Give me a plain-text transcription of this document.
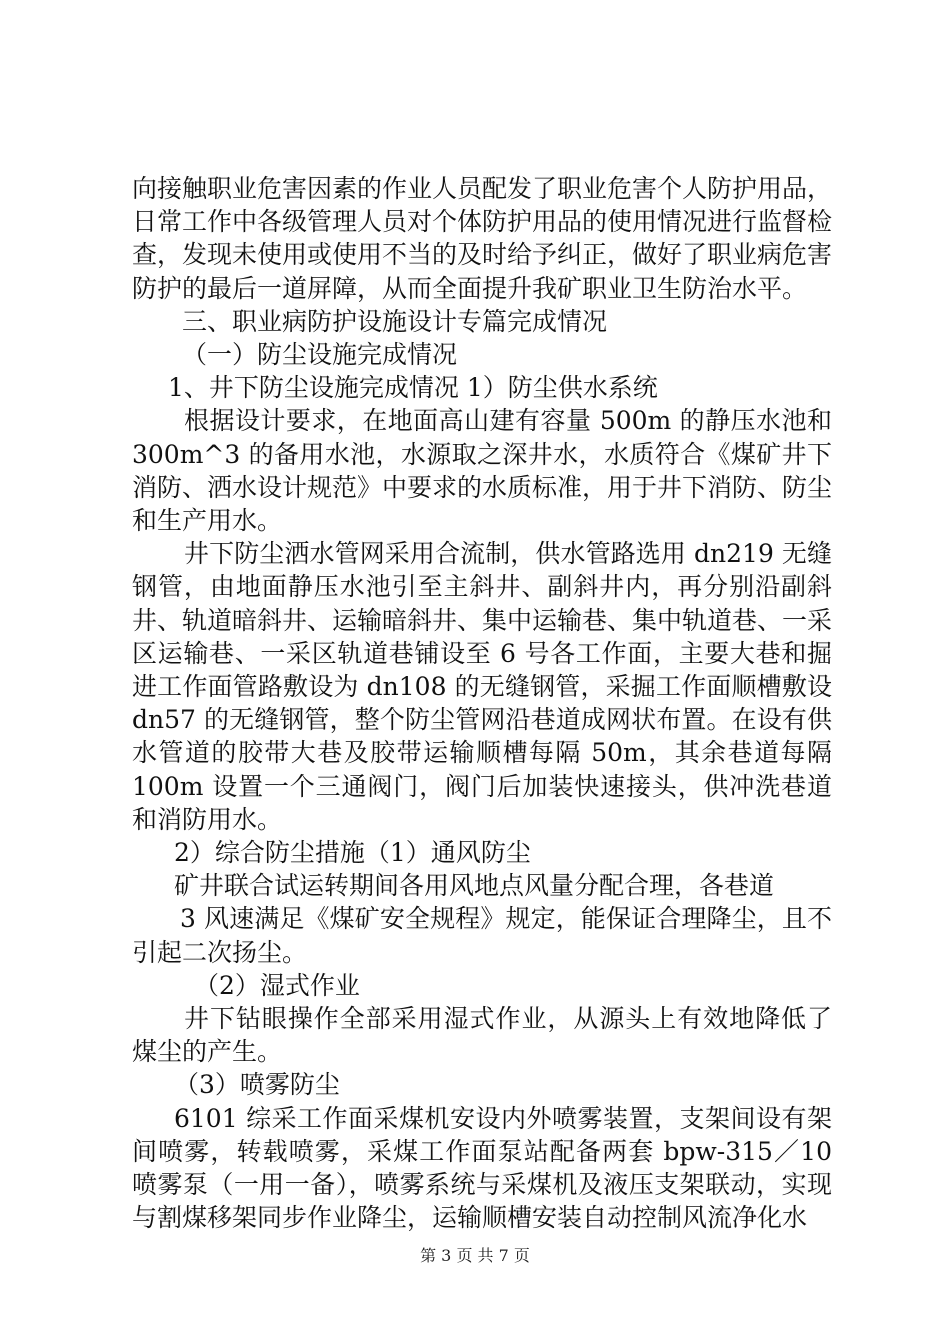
向接触职业危害因素的作业人员配发了职业危害个人防护用品，日常工作中各级管理人员对个体防护用品的使用情况进行监督检查，发现未使用或使用不当的及时给予纠正，做好了职业病危害防护的最后一道屏障，从而全面提升我矿职业卫生防治水平。

三、职业病防护设施设计专篇完成情况

（一）防尘设施完成情况

1、井下防尘设施完成情况 1）防尘供水系统

根据设计要求，在地面高山建有容量 500m 的静压水池和 300m^3 的备用水池，水源取之深井水，水质符合《煤矿井下消防、洒水设计规范》中要求的水质标准，用于井下消防、防尘和生产用水。

井下防尘洒水管网采用合流制，供水管路选用 dn219 无缝钢管，由地面静压水池引至主斜井、副斜井内，再分别沿副斜井、轨道暗斜井、运输暗斜井、集中运输巷、集中轨道巷、一采区运输巷、一采区轨道巷铺设至 6 号各工作面，主要大巷和掘进工作面管路敷设为 dn108 的无缝钢管，采掘工作面顺槽敷设 dn57 的无缝钢管，整个防尘管网沿巷道成网状布置。在设有供水管道的胶带大巷及胶带运输顺槽每隔 50m，其余巷道每隔 100m 设置一个三通阀门，阀门后加装快速接头，供冲洗巷道和消防用水。

2）综合防尘措施（1）通风防尘

矿井联合试运转期间各用风地点风量分配合理，各巷道

3 风速满足《煤矿安全规程》规定，能保证合理降尘，且不引起二次扬尘。

（2）湿式作业

井下钻眼操作全部采用湿式作业，从源头上有效地降低了煤尘的产生。

（3）喷雾防尘

6101 综采工作面采煤机安设内外喷雾装置，支架间设有架间喷雾，转载喷雾，采煤工作面泵站配备两套 bpw-315／10 喷雾泵（一用一备），喷雾系统与采煤机及液压支架联动，实现与割煤移架同步作业降尘，运输顺槽安装自动控制风流净化水

第 3 页 共 7 页
